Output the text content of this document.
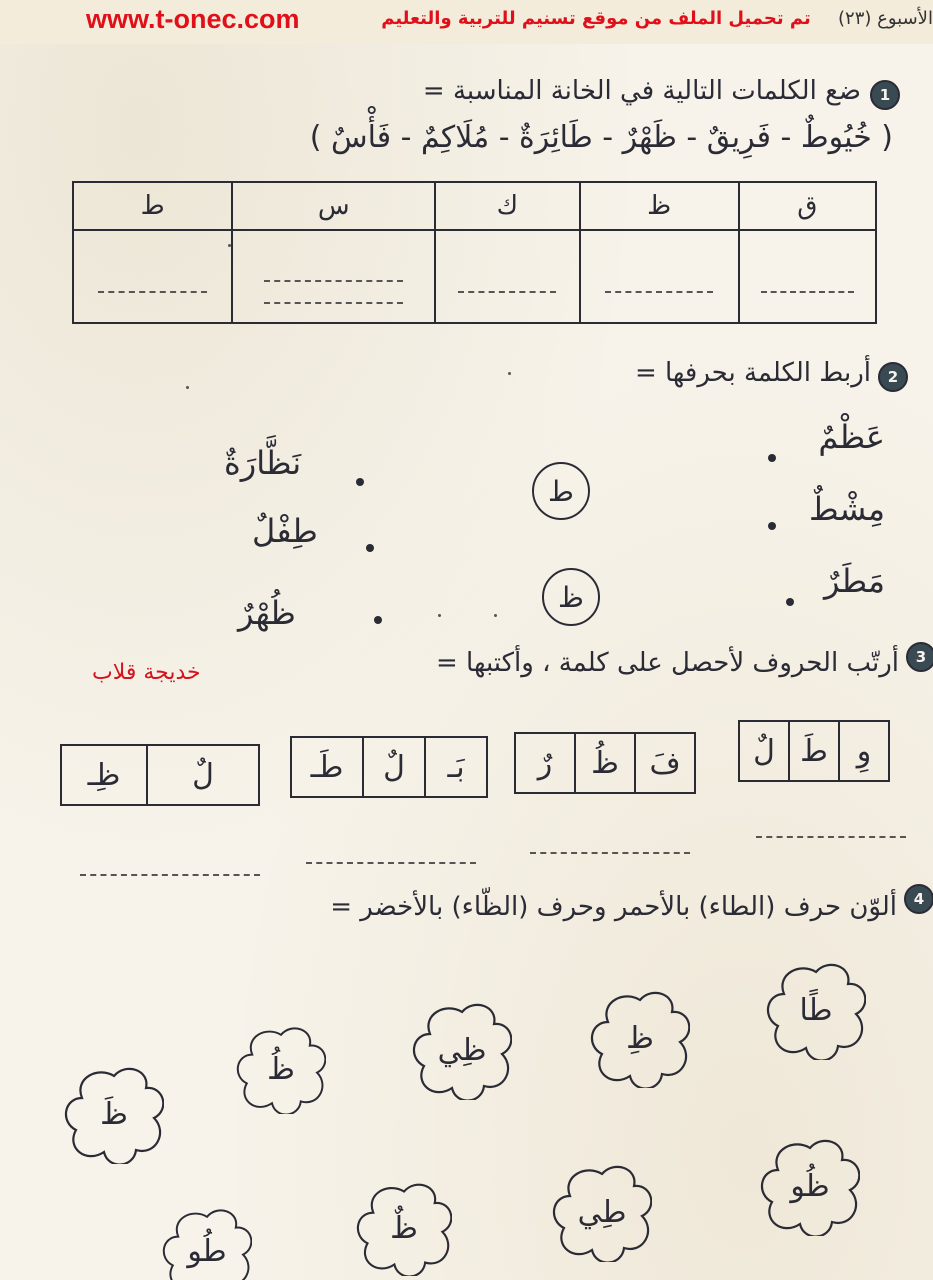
www.t-onec.com	تم تحميل الملف من موقع تسنيم للتربية والتعليم	الأسبوع (٢٣)
1
ضع الكلمات التالية في الخانة المناسبة =
( خُيُوطٌ - فَرِيقٌ - ظَهْرٌ - طَائِرَةٌ - مُلَاكِمٌ - فَأْسٌ )
ق	ظ	ك	س	ط

2
أربط الكلمة بحرفها =
عَظْمٌ
مِشْطٌ
مَطَرٌ
ط
ظ
نَظَّارَةٌ
طِفْلٌ
ظُهْرٌ
3
أرتّب الحروف لأحصل على كلمة ، وأكتبها =
خديجة قلاب
وِ
طَ
لٌ
فَ
ظُ
رٌ
بَـ
لٌ
طَـ
لٌ
ظِـ
4
ألوّن حرف (الطاء) بالأحمر وحرف (الظّاء) بالأخضر =
طًا
ظِ
ظِي
ظُ
ظَ
ظُو
طِي
ظٌ
طُو
